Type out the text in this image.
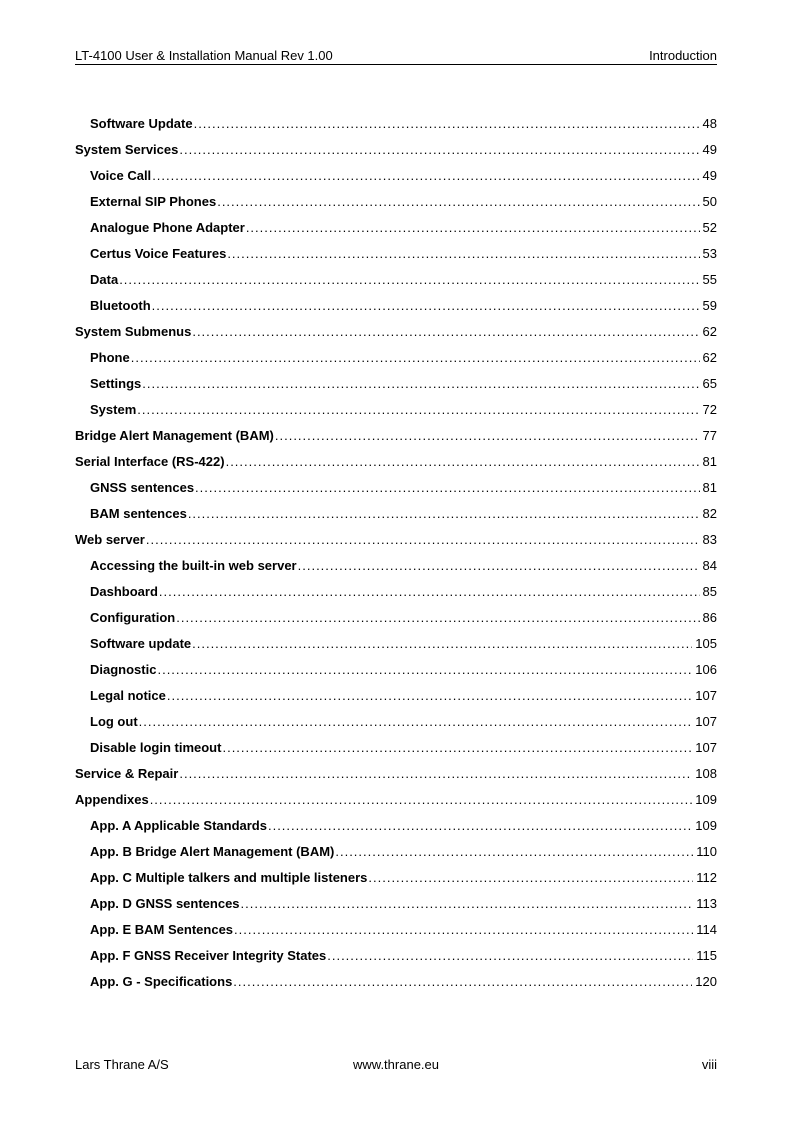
LT-4100 User & Installation Manual Rev 1.00	Introduction
Software Update .....	48
System Services .....	49
Voice Call .....	49
External SIP Phones .....	50
Analogue Phone Adapter .....	52
Certus Voice Features .....	53
Data .....	55
Bluetooth .....	59
System Submenus .....	62
Phone .....	62
Settings .....	65
System .....	72
Bridge Alert Management (BAM) .....	77
Serial Interface (RS-422) .....	81
GNSS sentences .....	81
BAM sentences .....	82
Web server .....	83
Accessing the built-in web server .....	84
Dashboard .....	85
Configuration .....	86
Software update .....	105
Diagnostic .....	106
Legal notice .....	107
Log out .....	107
Disable login timeout .....	107
Service & Repair .....	108
Appendixes .....	109
App. A Applicable Standards .....	109
App. B Bridge Alert Management (BAM) .....	110
App. C Multiple talkers and multiple listeners .....	112
App. D GNSS sentences .....	113
App. E BAM Sentences .....	114
App. F GNSS Receiver Integrity States .....	115
App. G - Specifications .....	120
Lars Thrane A/S	www.thrane.eu	viii
